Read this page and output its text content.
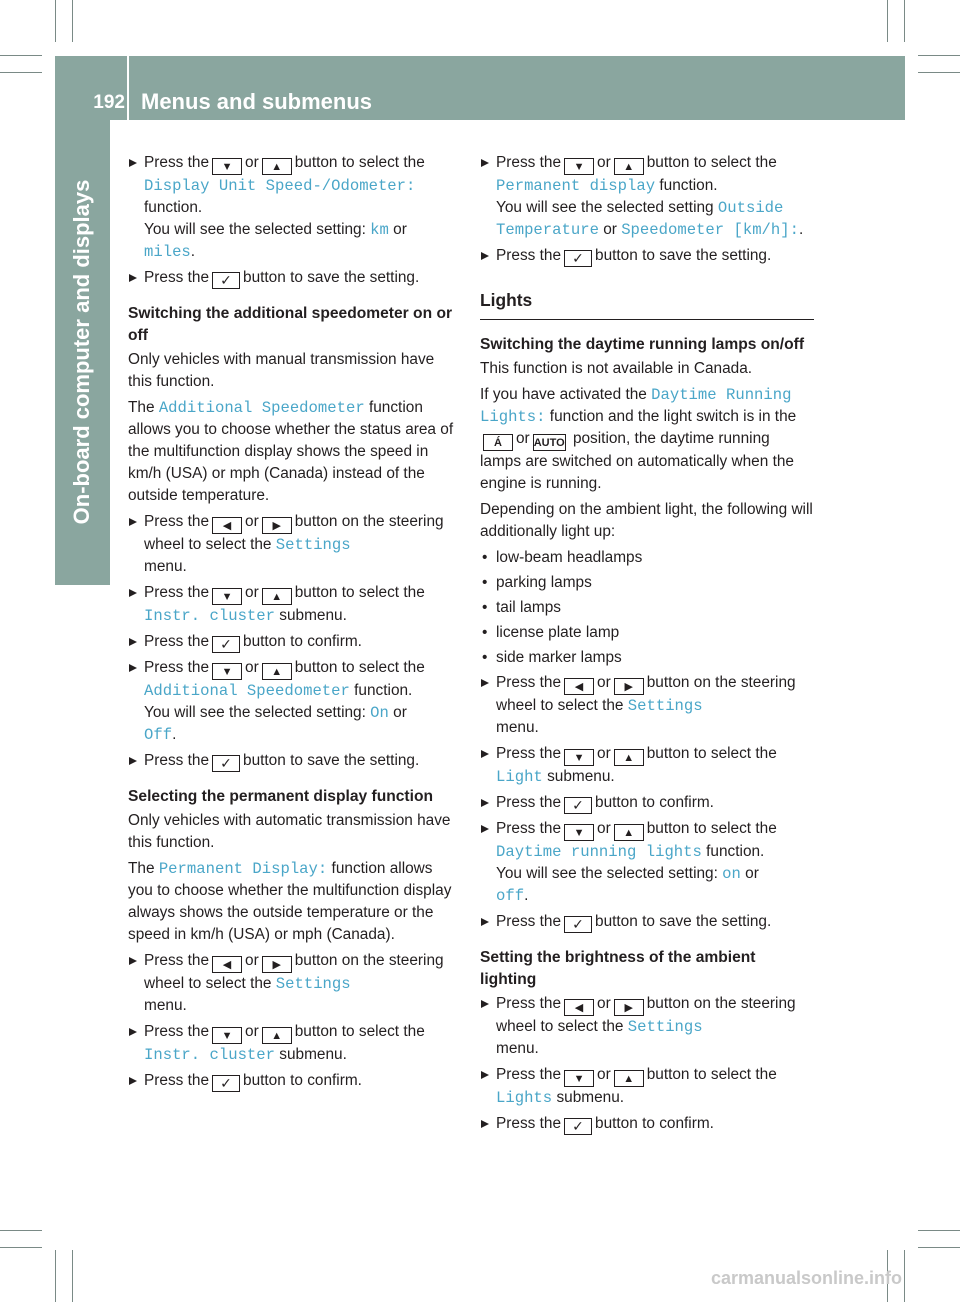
192 Menus and submenus
On-board computer and displays
Press the ▼ or ▲ button to select the Display Unit Speed-/Odometer: function.
You will see the selected setting: km or
miles.
Press the ✓ button to save the setting.
Switching the additional speedometer on or off
Only vehicles with manual transmission have this function.
The Additional Speedometer function allows you to choose whether the status area of the multifunction display shows the speed in km/h (USA) or mph (Canada) instead of the outside temperature.
Press the ◀ or ▶ button on the steering wheel to select the Settings
menu.
Press the ▼ or ▲ button to select the Instr. cluster submenu.
Press the ✓ button to confirm.
Press the ▼ or ▲ button to select the Additional Speedometer function.
You will see the selected setting: On or
Off.
Press the ✓ button to save the setting.
Selecting the permanent display function
Only vehicles with automatic transmission have this function.
The Permanent Display: function allows you to choose whether the multifunction display always shows the outside temperature or the speed in km/h (USA) or mph (Canada).
Press the ◀ or ▶ button on the steering wheel to select the Settings
menu.
Press the ▼ or ▲ button to select the Instr. cluster submenu.
Press the ✓ button to confirm.
Press the ▼ or ▲ button to select the Permanent display function.
You will see the selected setting Outside Temperature or Speedometer [km/h]:.
Press the ✓ button to save the setting.
Lights
Switching the daytime running lamps on/off
This function is not available in Canada.
If you have activated the Daytime Running Lights: function and the light switch is in the Á or AUTO position, the daytime running lamps are switched on automatically when the engine is running.
Depending on the ambient light, the following will additionally light up:
• low-beam headlamps
• parking lamps
• tail lamps
• license plate lamp
• side marker lamps
Press the ◀ or ▶ button on the steering wheel to select the Settings
menu.
Press the ▼ or ▲ button to select the Light submenu.
Press the ✓ button to confirm.
Press the ▼ or ▲ button to select the Daytime running lights function.
You will see the selected setting: on or
off.
Press the ✓ button to save the setting.
Setting the brightness of the ambient lighting
Press the ◀ or ▶ button on the steering wheel to select the Settings
menu.
Press the ▼ or ▲ button to select the Lights submenu.
Press the ✓ button to confirm.
carmanualsonline.info
